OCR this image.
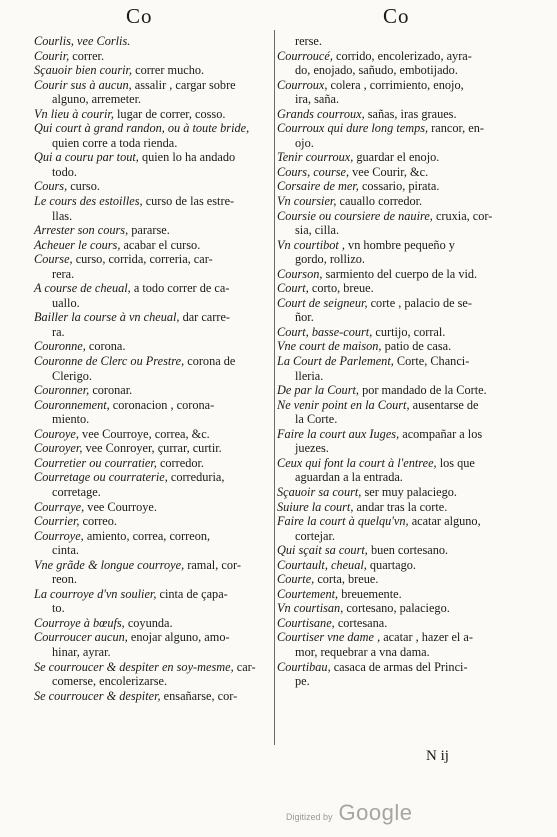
Co	Co
Courlis, vee Corlis.
Courir, correr.
Sçauoir bien courir, correr mucho.
Courir sus à aucun, assalir , cargar sobre
alguno, arremeter.
Vn lieu à courir, lugar de correr, cosso.
Qui court à grand randon, ou à toute bride,
quien corre a toda rienda.
Qui a couru par tout, quien lo ha andado
todo.
Cours, curso.
Le cours des estoilles, curso de las estre-
llas.
Arrester son cours, pararse.
Acheuer le cours, acabar el curso.
Course, curso, corrida, correria, car-
rera.
A course de cheual, a todo correr de ca-
uallo.
Bailler la course à vn cheual, dar carre-
ra.
Couronne, corona.
Couronne de Clerc ou Prestre, corona de
Clerigo.
Couronner, coronar.
Couronnement, coronacion , corona-
miento.
Couroye, vee Courroye, correa, &c.
Couroyer, vee Conroyer, çurrar, curtir.
Courretier ou courratier, corredor.
Courretage ou courraterie, correduria,
corretage.
Courraye, vee Courroye.
Courrier, correo.
Courroye, amiento, correa, correon,
cinta.
Vne grãde & longue courroye, ramal, cor-
reon.
La courroye d'vn soulier, cinta de çapa-
to.
Courroye à bœufs, coyunda.
Courroucer aucun, enojar alguno, amo-
hinar, ayrar.
Se courroucer & despiter en soy-mesme, car-
comerse, encolerizarse.
Se courroucer & despiter, ensañarse, cor-
rerse.
Courroucé, corrido, encolerizado, ayra-
do, enojado, sañudo, embotijado.
Courroux, colera , corrimiento, enojo,
ira, saña.
Grands courroux, sañas, iras graues.
Courroux qui dure long temps, rancor, en-
ojo.
Tenir courroux, guardar el enojo.
Cours, course, vee Courir, &c.
Corsaire de mer, cossario, pirata.
Vn coursier, cauallo corredor.
Coursie ou coursiere de nauire, cruxia, cor-
sia, cilla.
Vn courtibot , vn hombre pequeño y
gordo, rollizo.
Courson, sarmiento del cuerpo de la vid.
Court, corto, breue.
Court de seigneur, corte , palacio de se-
ñor.
Court, basse-court, curtijo, corral.
Vne court de maison, patio de casa.
La Court de Parlement, Corte, Chanci-
lleria.
De par la Court, por mandado de la Corte.
Ne venir point en la Court, ausentarse de
la Corte.
Faire la court aux Iuges, acompañar a los
juezes.
Ceux qui font la court à l'entree, los que
aguardan a la entrada.
Sçauoir sa court, ser muy palaciego.
Suiure la court, andar tras la corte.
Faire la court à quelqu'vn, acatar alguno,
cortejar.
Qui sçait sa court, buen cortesano.
Courtault, cheual, quartago.
Courte, corta, breue.
Courtement, breuemente.
Vn courtisan, cortesano, palaciego.
Courtisane, cortesana.
Courtiser vne dame , acatar , hazer el a-
mor, requebrar a vna dama.
Courtibau, casaca de armas del Princi-
pe.
N ij
Digitized by Google
